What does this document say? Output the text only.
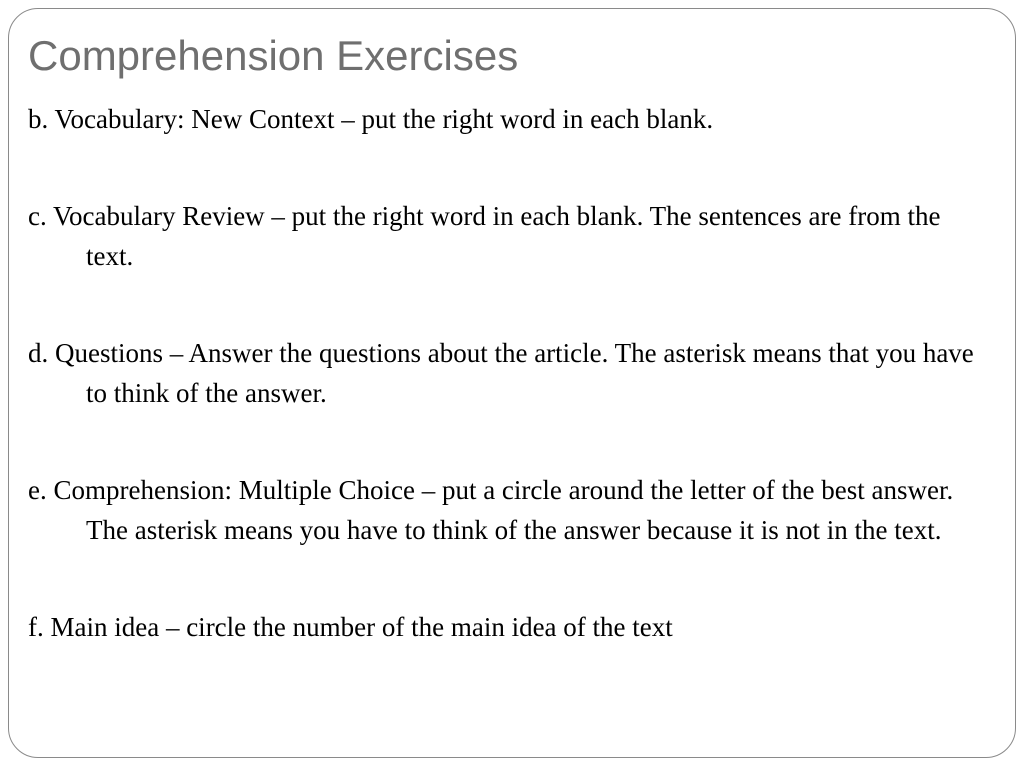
Comprehension Exercises

b. Vocabulary: New Context – put the right word in each blank.

c. Vocabulary Review – put the right word in each blank. The sentences are from the text.

d. Questions – Answer the questions about the article. The asterisk means that you have to think of the answer.

e. Comprehension: Multiple Choice – put a circle around the letter of the best answer. The asterisk means you have to think of the answer because it is not in the text.

f. Main idea – circle the number of the main idea of the text
